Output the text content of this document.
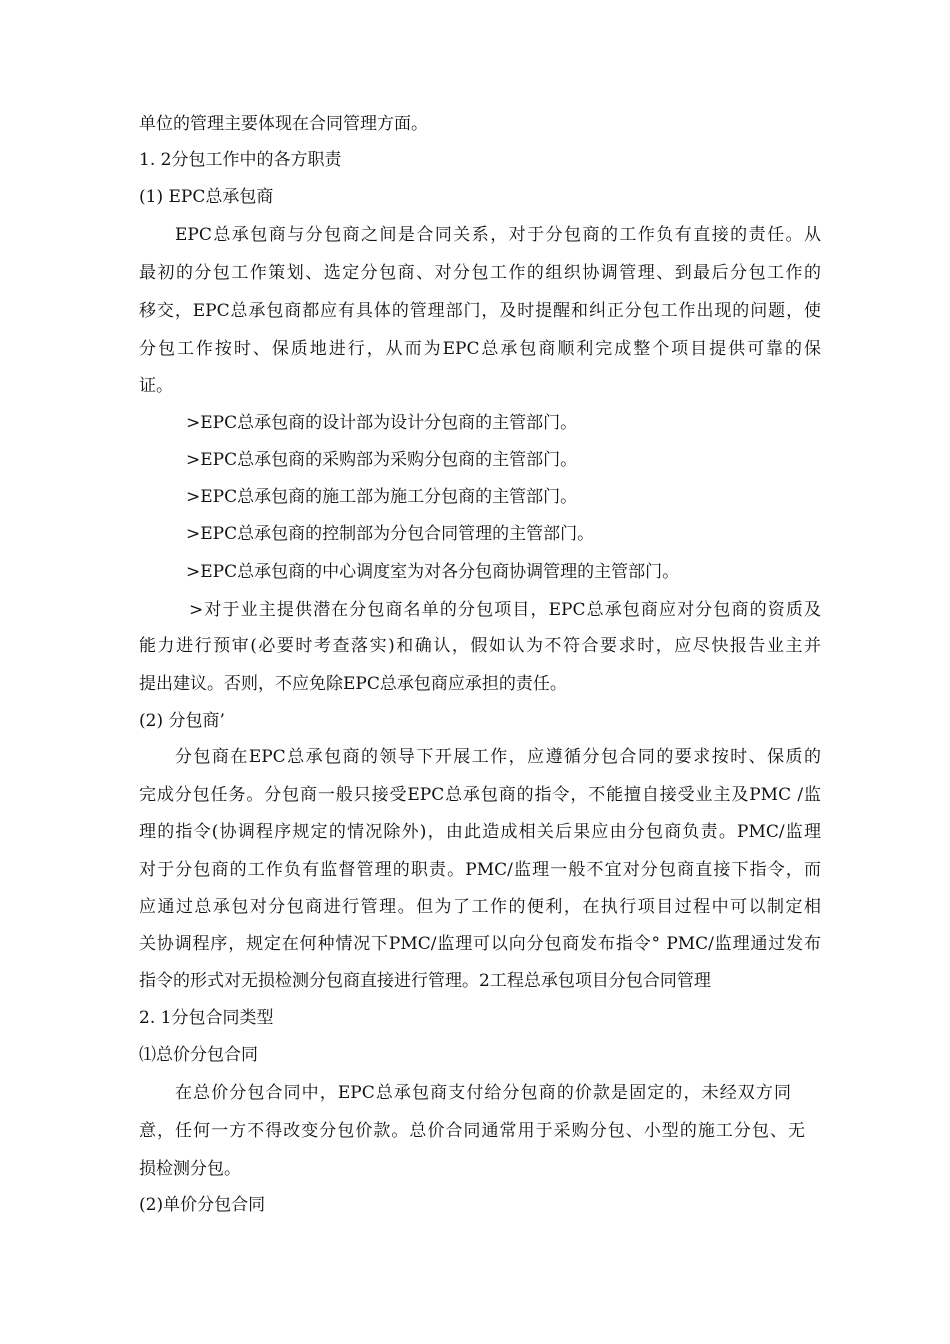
单位的管理主要体现在合同管理方面。
1. 2分包工作中的各方职责
(1) EPC总承包商
EPC总承包商与分包商之间是合同关系，对于分包商的工作负有直接的责任。从
最初的分包工作策划、选定分包商、对分包工作的组织协调管理、到最后分包工作的
移交，EPC总承包商都应有具体的管理部门，及时提醒和纠正分包工作出现的问题，使
分包工作按时、保质地进行，从而为EPC总承包商顺利完成整个项目提供可靠的保
证。
>EPC总承包商的设计部为设计分包商的主管部门。
>EPC总承包商的采购部为采购分包商的主管部门。
>EPC总承包商的施工部为施工分包商的主管部门。
>EPC总承包商的控制部为分包合同管理的主管部门。
>EPC总承包商的中心调度室为对各分包商协调管理的主管部门。
>对于业主提供潜在分包商名单的分包项目，EPC总承包商应对分包商的资质及
能力进行预审(必要时考查落实)和确认，假如认为不符合要求时，应尽快报告业主并
提出建议。否则，不应免除EPC总承包商应承担的责任。
(2) 分包商’
分包商在EPC总承包商的领导下开展工作，应遵循分包合同的要求按时、保质的
完成分包任务。分包商一般只接受EPC总承包商的指令，不能擅自接受业主及PMC /监
理的指令(协调程序规定的情况除外)，由此造成相关后果应由分包商负责。PMC/监理
对于分包商的工作负有监督管理的职责。PMC/监理一般不宜对分包商直接下指令，而
应通过总承包对分包商进行管理。但为了工作的便利，在执行项目过程中可以制定相
关协调程序，规定在何种情况下PMC/监理可以向分包商发布指令° PMC/监理通过发布
指令的形式对无损检测分包商直接进行管理。2工程总承包项目分包合同管理
2. 1分包合同类型
⑴总价分包合同
在总价分包合同中，EPC总承包商支付给分包商的价款是固定的，未经双方同
意，任何一方不得改变分包价款。总价合同通常用于采购分包、小型的施工分包、无
损检测分包。
(2)单价分包合同
